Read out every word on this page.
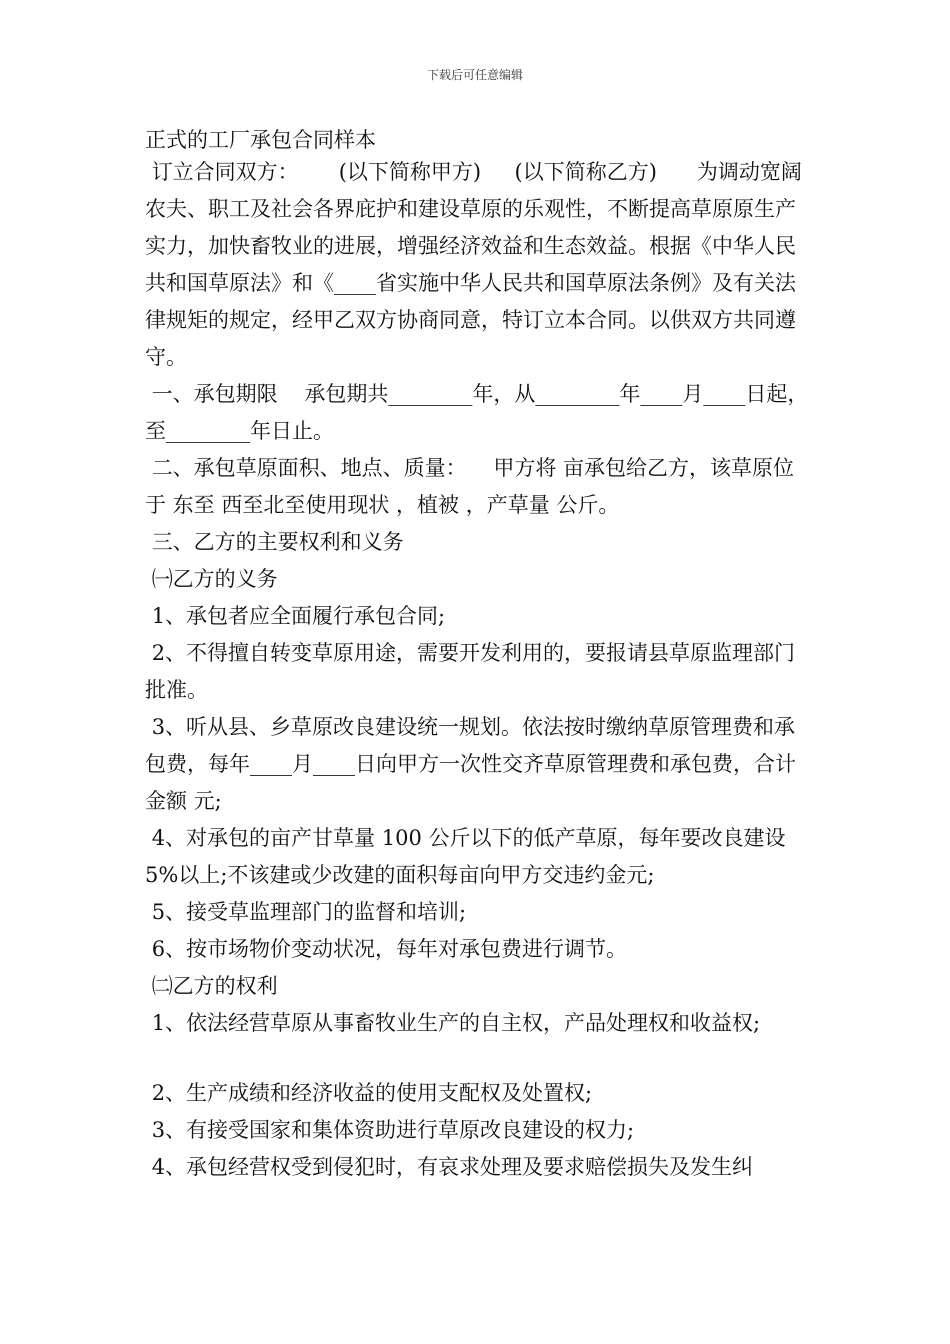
下载后可任意编辑
正式的工厂承包合同样本

订立合同双方：      (以下简称甲方)     (以下简称乙方)      为调动宽阔农夫、职工及社会各界庇护和建设草原的乐观性，不断提高草原原生产实力，加快畜牧业的进展，增强经济效益和生态效益。根据《中华人民共和国草原法》和《____省实施中华人民共和国草原法条例》及有关法律规矩的规定，经甲乙双方协商同意，特订立本合同。以供双方共同遵守。

一、承包期限    承包期共________年，从________年____月____日起，至________年日止。

二、承包草原面积、地点、质量：    甲方将 亩承包给乙方，该草原位于 东至 西至北至使用现状 ，植被 ，产草量 公斤。

三、乙方的主要权利和义务

㈠乙方的义务

1、承包者应全面履行承包合同;

2、不得擅自转变草原用途，需要开发利用的，要报请县草原监理部门批准。

3、听从县、乡草原改良建设统一规划。依法按时缴纳草原管理费和承包费，每年____月____日向甲方一次性交齐草原管理费和承包费，合计金额 元;

4、对承包的亩产甘草量 100 公斤以下的低产草原，每年要改良建设 5%以上;不该建或少改建的面积每亩向甲方交违约金元;

5、接受草监理部门的监督和培训;

6、按市场物价变动状况，每年对承包费进行调节。

㈡乙方的权利

1、依法经营草原从事畜牧业生产的自主权，产品处理权和收益权;

2、生产成绩和经济收益的使用支配权及处置权;

3、有接受国家和集体资助进行草原改良建设的权力;

4、承包经营权受到侵犯时，有哀求处理及要求赔偿损失及发生纠
